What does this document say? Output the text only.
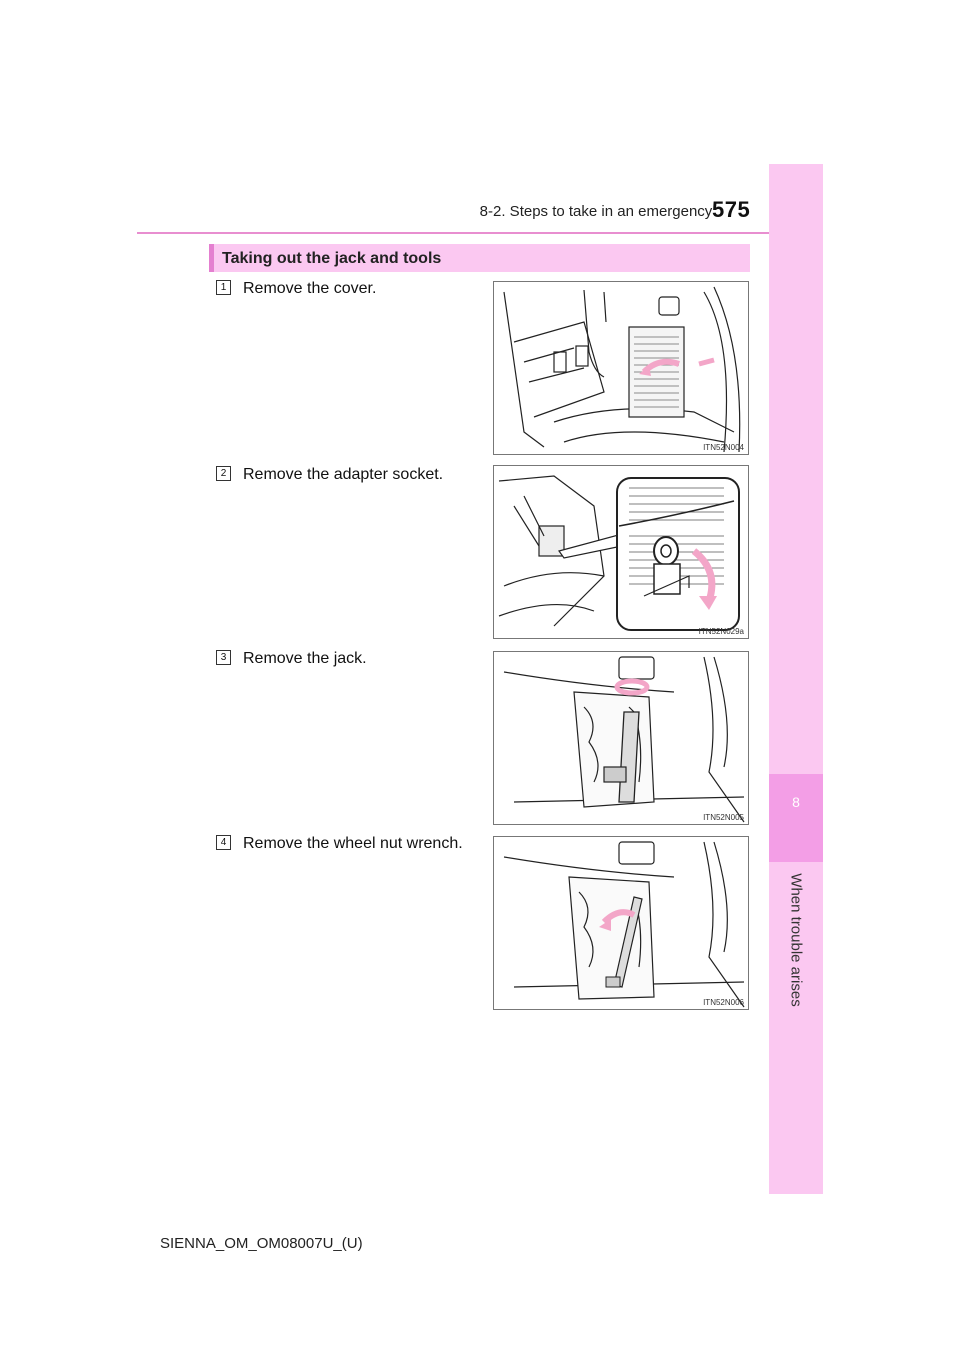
8-2. Steps to take in an emergency 575
8
When trouble arises
Taking out the jack and tools
1 Remove the cover.
ITN52N004
2 Remove the adapter socket.
ITN52N029a
3 Remove the jack.
ITN52N005
4 Remove the wheel nut wrench.
ITN52N006
SIENNA_OM_OM08007U_(U)
